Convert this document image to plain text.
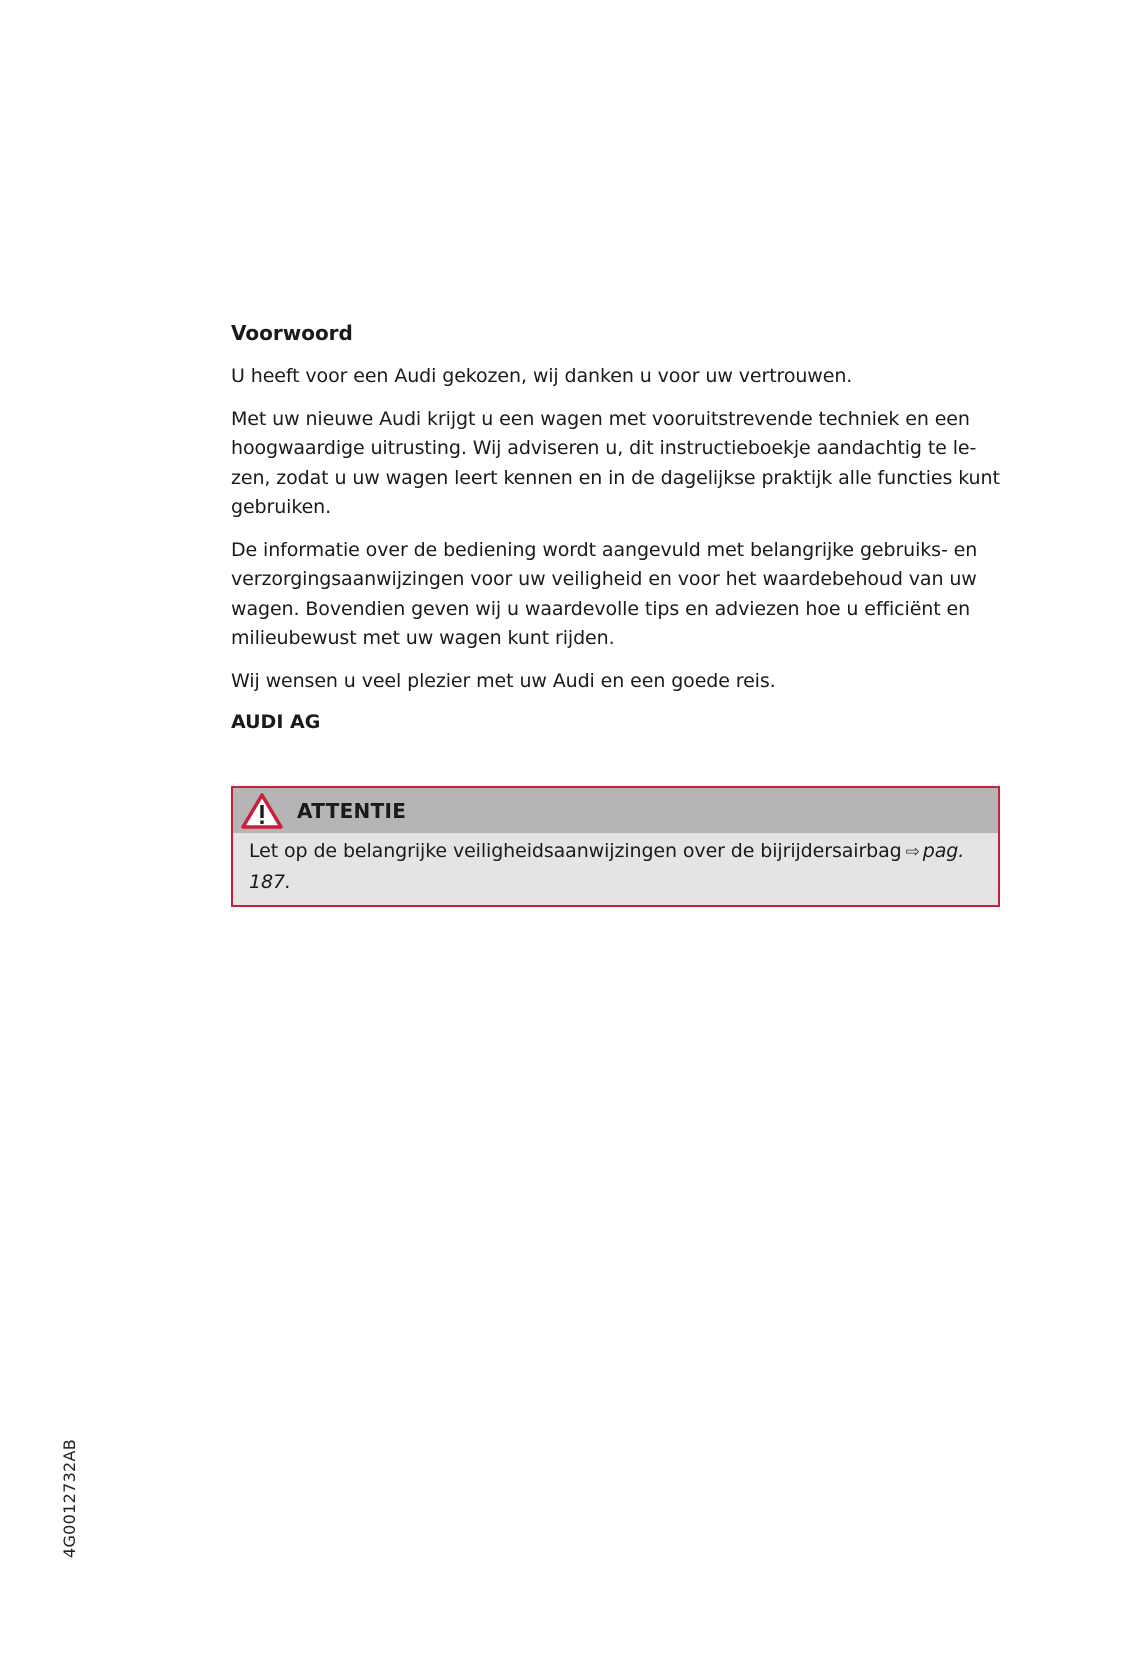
Voorwoord

U heeft voor een Audi gekozen, wij danken u voor uw vertrouwen.

Met uw nieuwe Audi krijgt u een wagen met vooruitstrevende techniek en een hoogwaardige uitrusting. Wij adviseren u, dit instructieboekje aandachtig te le-zen, zodat u uw wagen leert kennen en in de dagelijkse praktijk alle functies kunt gebruiken.

De informatie over de bediening wordt aangevuld met belangrijke gebruiks- en verzorgingsaanwijzingen voor uw veiligheid en voor het waardebehoud van uw wagen. Bovendien geven wij u waardevolle tips en adviezen hoe u efficiënt en milieubewust met uw wagen kunt rijden.

Wij wensen u veel plezier met uw Audi en een goede reis.

AUDI AG
ATTENTIE
Let op de belangrijke veiligheidsaanwijzingen over de bijrijdersairbag ⇨ pag. 187.
4G0012732AB
